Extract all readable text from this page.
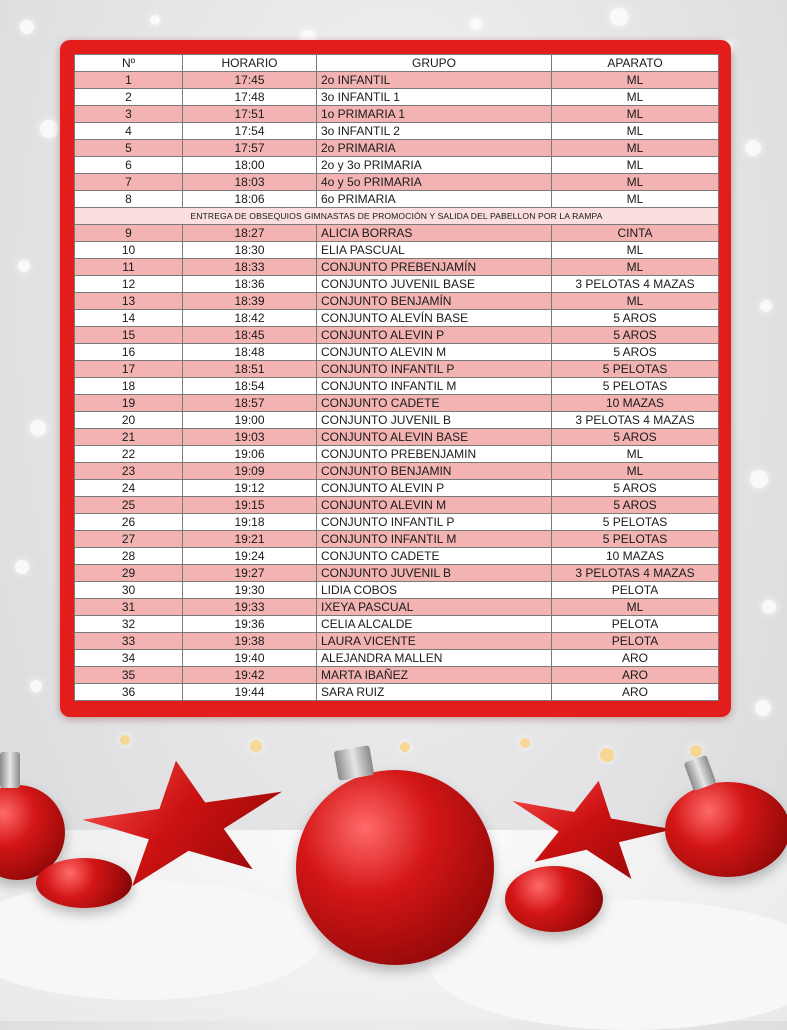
Nº	HORARIO	GRUPO	APARATO
1	17:45	2o INFANTIL	ML
2	17:48	3o INFANTIL 1	ML
3	17:51	1o PRIMARIA 1	ML
4	17:54	3o INFANTIL 2	ML
5	17:57	2o PRIMARIA	ML
6	18:00	2o y 3o PRIMARIA	ML
7	18:03	4o y 5o PRIMARIA	ML
8	18:06	6o PRIMARIA	ML
ENTREGA DE OBSEQUIOS GIMNASTAS DE PROMOCIÓN Y SALIDA DEL PABELLON POR LA RAMPA			
9	18:27	ALICIA BORRAS	CINTA
10	18:30	ELIA PASCUAL	ML
11	18:33	CONJUNTO PREBENJAMÍN	ML
12	18:36	CONJUNTO JUVENIL BASE	3 PELOTAS 4 MAZAS
13	18:39	CONJUNTO BENJAMÍN	ML
14	18:42	CONJUNTO ALEVÍN BASE	5 AROS
15	18:45	CONJUNTO ALEVIN P	5 AROS
16	18:48	CONJUNTO ALEVIN M	5 AROS
17	18:51	CONJUNTO INFANTIL P	5 PELOTAS
18	18:54	CONJUNTO INFANTIL M	5 PELOTAS
19	18:57	CONJUNTO CADETE	10 MAZAS
20	19:00	CONJUNTO JUVENIL B	3 PELOTAS 4 MAZAS
21	19:03	CONJUNTO ALEVIN BASE	5 AROS
22	19:06	CONJUNTO PREBENJAMIN	ML
23	19:09	CONJUNTO BENJAMIN	ML
24	19:12	CONJUNTO ALEVIN P	5 AROS
25	19:15	CONJUNTO ALEVIN M	5 AROS
26	19:18	CONJUNTO INFANTIL P	5 PELOTAS
27	19:21	CONJUNTO INFANTIL M	5 PELOTAS
28	19:24	CONJUNTO CADETE	10 MAZAS
29	19:27	CONJUNTO JUVENIL B	3 PELOTAS 4 MAZAS
30	19:30	LIDIA COBOS	PELOTA
31	19:33	IXEYA PASCUAL	ML
32	19:36	CELIA ALCALDE	PELOTA
33	19:38	LAURA VICENTE	PELOTA
34	19:40	ALEJANDRA MALLEN	ARO
35	19:42	MARTA IBAÑEZ	ARO
36	19:44	SARA RUIZ	ARO
